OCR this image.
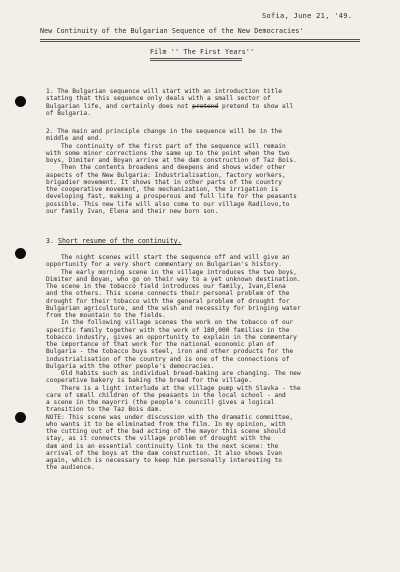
Sofia, June 21, '49.
New Continuity of the Bulgarian Sequence of the New Democracies'
Film '' The First Years''

1. The Bulgarian sequence will start with an introduction title

stating that this sequence only deals with a small sector of

Bulgarian life, and certainly does not pretend pretend to show all

of Bulgaria.

2. The main and principle change in the sequence will be in the

middle and end.

The continuity of the first part of the sequence will remain

with some minor corrections the same up to the point when the two

boys, Dimiter and Boyan arrive at the dam construction of Taz Bois.

Then the contents broadens and deepens and shows wider other

aspects of the New Bulgaria: Industrialisation, factory workers,

brigadier movement. It shows that in other parts of the country

the cooperative movement, the mechanization, the irrigation is

developing fast, making a prosperous and full life for the peasants

possible. This new life will also come to our village Radilovo,to

our family Ivan, Elena and their new born son.

3. Short resume of the continuity.

The night scenes will start the sequence off and will give an

opportunity for a very short commentary on Bulgarian's history.

The early morning scene in the village introduces the two boys,

Dimiter and Boyan, who go on their way to a yet unknown destination.

The scene in the tobacco field introduces our family, Ivan,Elena

and the others. This scene connects their personal problem of the

drought for their tobacco with the general problem of drought for

Bulgarian agriculture, and the wish and necessity for bringing water

from the mountain to the fields.

In the following village scenes the work on the tobacco of our

specific family together with the work of 180,000 families in the

tobacco industry, gives an opportunity to explain in the commentary

the importance of that work for the national economic plan of

Bulgaria - the tobacco buys steel, iron and other products for the

industrialisation of the country and is one of the connections of

Bulgaria with the other people's democracies.

Old habits such as individual bread-baking are changing. The new

cooperative bakery is baking the bread for the village.

There is a light interlude at the village pump with Slavka - the

care of small children of the peasants in the local school - and

a scene in the mayorri (the people's council) gives a logical

transition to the Taz Bois dam.

NOTE: This scene was under discussion with the dramatic committee,

who wants it to be eliminated from the film. In my opinion, with

the cutting out of the bad acting of the mayor this scene should

stay, as it connects the village problem of drought with the

dam and is an essential continuity link to the next scene: the

arrival of the boys at the dam construction. It also shows Ivan

again, which is necessary to keep him personally interesting to

the audience.
